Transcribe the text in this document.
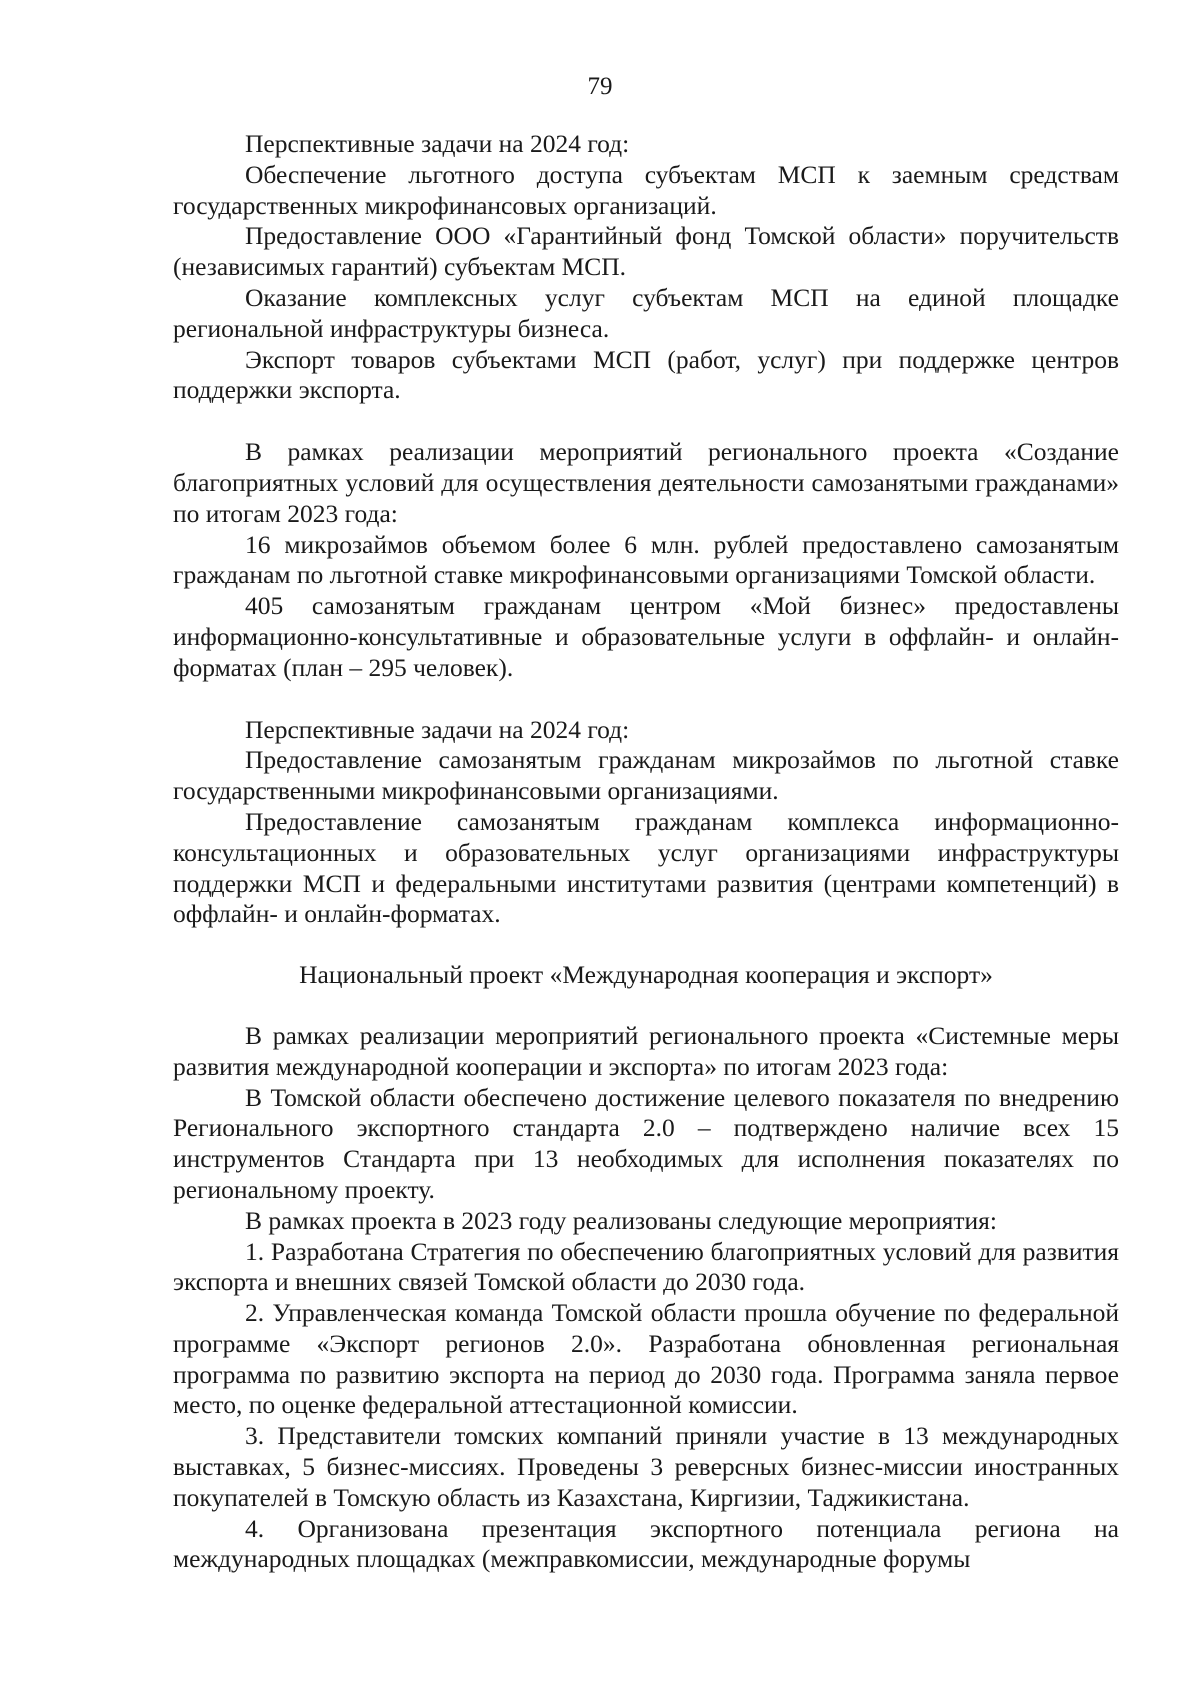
79

Перспективные задачи на 2024 год:

Обеспечение льготного доступа субъектам МСП к заемным средствам государственных микрофинансовых организаций.

Предоставление ООО «Гарантийный фонд Томской области» поручительств (независимых гарантий) субъектам МСП.

Оказание комплексных услуг субъектам МСП на единой площадке региональной инфраструктуры бизнеса.

Экспорт товаров субъектами МСП (работ, услуг) при поддержке центров поддержки экспорта.

В рамках реализации мероприятий регионального проекта «Создание благоприятных условий для осуществления деятельности самозанятыми гражданами» по итогам 2023 года:

16 микрозаймов объемом более 6 млн. рублей предоставлено самозанятым гражданам по льготной ставке микрофинансовыми организациями Томской области.

405 самозанятым гражданам центром «Мой бизнес» предоставлены информационно-консультативные и образовательные услуги в оффлайн- и онлайн-форматах (план – 295 человек).

Перспективные задачи на 2024 год:

Предоставление самозанятым гражданам микрозаймов по льготной ставке государственными микрофинансовыми организациями.

Предоставление самозанятым гражданам комплекса информационно-консультационных и образовательных услуг организациями инфраструктуры поддержки МСП и федеральными институтами развития (центрами компетенций) в оффлайн- и онлайн-форматах.

Национальный проект «Международная кооперация и экспорт»

В рамках реализации мероприятий регионального проекта «Системные меры развития международной кооперации и экспорта» по итогам 2023 года:

В Томской области обеспечено достижение целевого показателя по внедрению Регионального экспортного стандарта 2.0 – подтверждено наличие всех 15 инструментов Стандарта при 13 необходимых для исполнения показателях по региональному проекту.

В рамках проекта в 2023 году реализованы следующие мероприятия:

1. Разработана Стратегия по обеспечению благоприятных условий для развития экспорта и внешних связей Томской области до 2030 года.

2. Управленческая команда Томской области прошла обучение по федеральной программе «Экспорт регионов 2.0». Разработана обновленная региональная программа по развитию экспорта на период до 2030 года. Программа заняла первое место, по оценке федеральной аттестационной комиссии.

3. Представители томских компаний приняли участие в 13 международных выставках, 5 бизнес-миссиях. Проведены 3 реверсных бизнес-миссии иностранных покупателей в Томскую область из Казахстана, Киргизии, Таджикистана.

4. Организована презентация экспортного потенциала региона на международных площадках (межправкомиссии, международные форумы
